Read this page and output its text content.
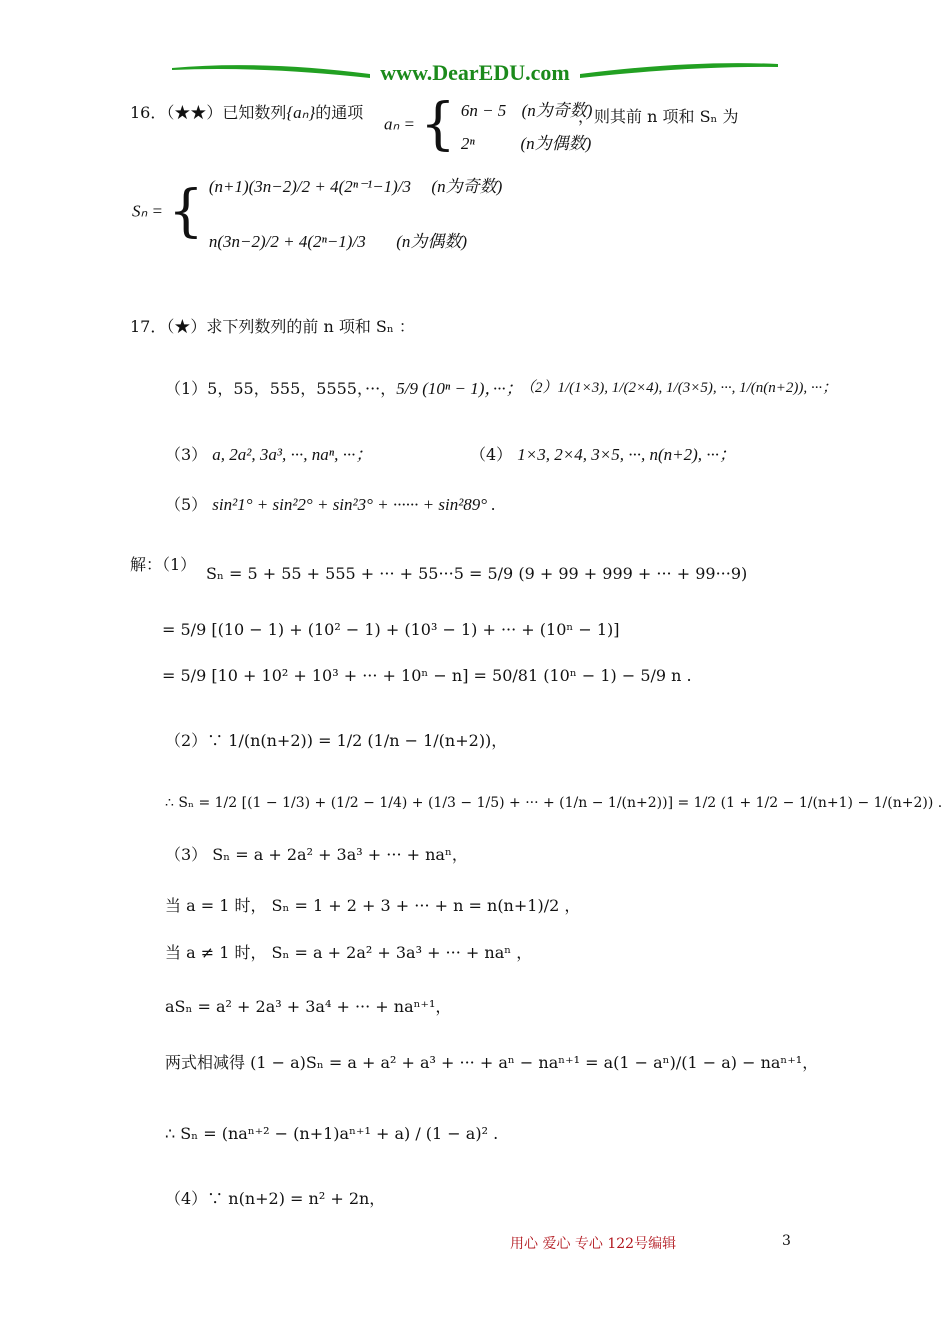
www.DearEDU.com
16．（★★）已知数列{aₙ}的通项
aₙ = { 6n − 5 (n为奇数)
2ⁿ	(n为偶数)
，则其前 n 项和 Sₙ 为
Sₙ = { (n+1)(3n−2)/2 + 4(2ⁿ⁻¹−1)/3 (n为奇数)
n(3n−2)/2 + 4(2ⁿ−1)/3 (n为偶数)
17．（★）求下列数列的前 n 项和 Sₙ ：
（1）5，55，555，5555，···，5/9 (10ⁿ − 1)，···；
（2）1/(1×3), 1/(2×4), 1/(3×5), ···, 1/(n(n+2)), ···；
（3） a, 2a², 3a³, ···, naⁿ, ···；	（4） 1×3, 2×4, 3×5, ···, n(n+2), ···；
（5） sin²1° + sin²2° + sin²3° + ······ + sin²89° .
解：（1） Sₙ = 5 + 55 + 555 + ··· + 55···5 = 5/9 (9 + 99 + 999 + ··· + 99···9)
= 5/9 [(10 − 1) + (10² − 1) + (10³ − 1) + ··· + (10ⁿ − 1)]
= 5/9 [10 + 10² + 10³ + ··· + 10ⁿ − n] = 50/81 (10ⁿ − 1) − 5/9 n .
（2）∵ 1/(n(n+2)) = 1/2 (1/n − 1/(n+2))，
∴ Sₙ = 1/2 [(1 − 1/3) + (1/2 − 1/4) + (1/3 − 1/5) + ··· + (1/n − 1/(n+2))] = 1/2 (1 + 1/2 − 1/(n+1) − 1/(n+2)) .
（3） Sₙ = a + 2a² + 3a³ + ··· + naⁿ，
当 a = 1 时， Sₙ = 1 + 2 + 3 + ··· + n = n(n+1)/2 ，
当 a ≠ 1 时， Sₙ = a + 2a² + 3a³ + ··· + naⁿ ，
aSₙ = a² + 2a³ + 3a⁴ + ··· + naⁿ⁺¹，
两式相减得 (1 − a)Sₙ = a + a² + a³ + ··· + aⁿ − naⁿ⁺¹ = a(1 − aⁿ)/(1 − a) − naⁿ⁺¹，
∴ Sₙ = (naⁿ⁺² − (n+1)aⁿ⁺¹ + a) / (1 − a)² .
（4）∵ n(n+2) = n² + 2n，
用心 爱心 专心 122号编辑	3
